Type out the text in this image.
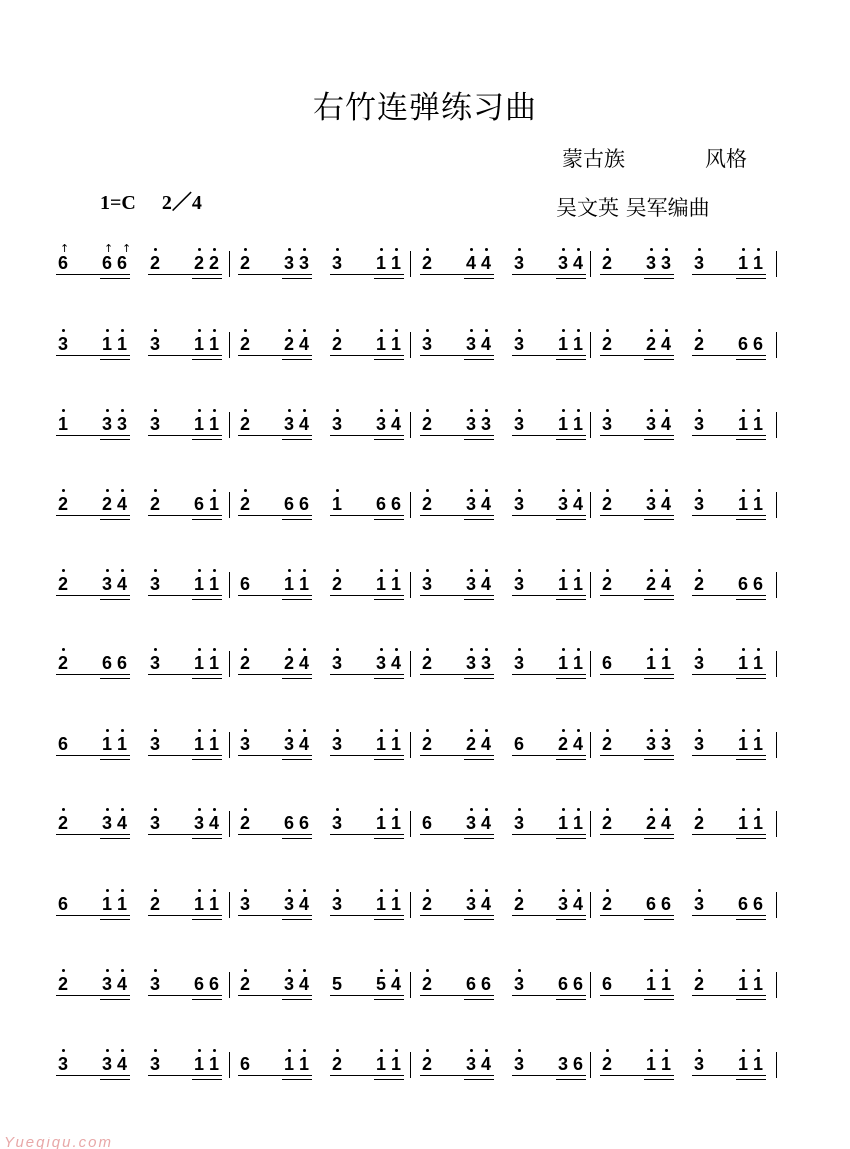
右竹连弹练习曲
蒙古族	风格
1=C 2／4	吴文英 吴军编曲
↑	↑ ↑
6 6 6 2 2 2 2 3 3 3 1 1 2 4 4 3 3 4 2 3 3 3 1 1
3 1 1 3 1 1 2 2 4 2 1 1 3 3 4 3 1 1 2 2 4 2 6 6
1 3 3 3 1 1 2 3 4 3 3 4 2 3 3 3 1 1 3 3 4 3 1 1
2 2 4 2 6 1 2 6 6 1 6 6 2 3 4 3 3 4 2 3 4 3 1 1
2 3 4 3 1 1 6 1 1 2 1 1 3 3 4 3 1 1 2 2 4 2 6 6
2 6 6 3 1 1 2 2 4 3 3 4 2 3 3 3 1 1 6 1 1 3 1 1
6 1 1 3 1 1 3 3 4 3 1 1 2 2 4 6 2 4 2 3 3 3 1 1
2 3 4 3 3 4 2 6 6 3 1 1 6 3 4 3 1 1 2 2 4 2 1 1
6 1 1 2 1 1 3 3 4 3 1 1 2 3 4 2 3 4 2 6 6 3 6 6
2 3 4 3 6 6 2 3 4 5 5 4 2 6 6 3 6 6 6 1 1 2 1 1
3 3 4 3 1 1 6 1 1 2 1 1 2 3 4 3 3 6 2 1 1 3 1 1
Yueqiqu.com
